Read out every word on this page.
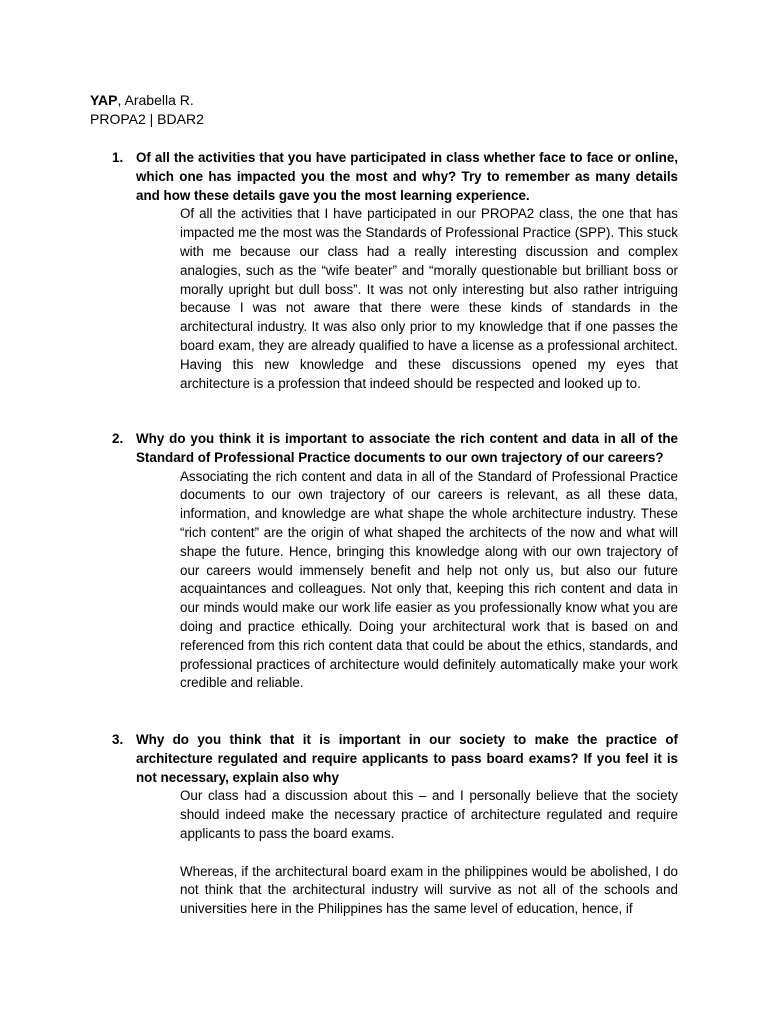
YAP, Arabella R.
PROPA2 | BDAR2
1. Of all the activities that you have participated in class whether face to face or online, which one has impacted you the most and why? Try to remember as many details and how these details gave you the most learning experience.

Of all the activities that I have participated in our PROPA2 class, the one that has impacted me the most was the Standards of Professional Practice (SPP). This stuck with me because our class had a really interesting discussion and complex analogies, such as the “wife beater” and “morally questionable but brilliant boss or morally upright but dull boss”. It was not only interesting but also rather intriguing because I was not aware that there were these kinds of standards in the architectural industry. It was also only prior to my knowledge that if one passes the board exam, they are already qualified to have a license as a professional architect. Having this new knowledge and these discussions opened my eyes that architecture is a profession that indeed should be respected and looked up to.

2. Why do you think it is important to associate the rich content and data in all of the Standard of Professional Practice documents to our own trajectory of our careers?

Associating the rich content and data in all of the Standard of Professional Practice documents to our own trajectory of our careers is relevant, as all these data, information, and knowledge are what shape the whole architecture industry. These “rich content” are the origin of what shaped the architects of the now and what will shape the future. Hence, bringing this knowledge along with our own trajectory of our careers would immensely benefit and help not only us, but also our future acquaintances and colleagues. Not only that, keeping this rich content and data in our minds would make our work life easier as you professionally know what you are doing and practice ethically. Doing your architectural work that is based on and referenced from this rich content data that could be about the ethics, standards, and professional practices of architecture would definitely automatically make your work credible and reliable.

3. Why do you think that it is important in our society to make the practice of architecture regulated and require applicants to pass board exams? If you feel it is not necessary, explain also why

Our class had a discussion about this – and I personally believe that the society should indeed make the necessary practice of architecture regulated and require applicants to pass the board exams.

Whereas, if the architectural board exam in the philippines would be abolished, I do not think that the architectural industry will survive as not all of the schools and universities here in the Philippines has the same level of education, hence, if
